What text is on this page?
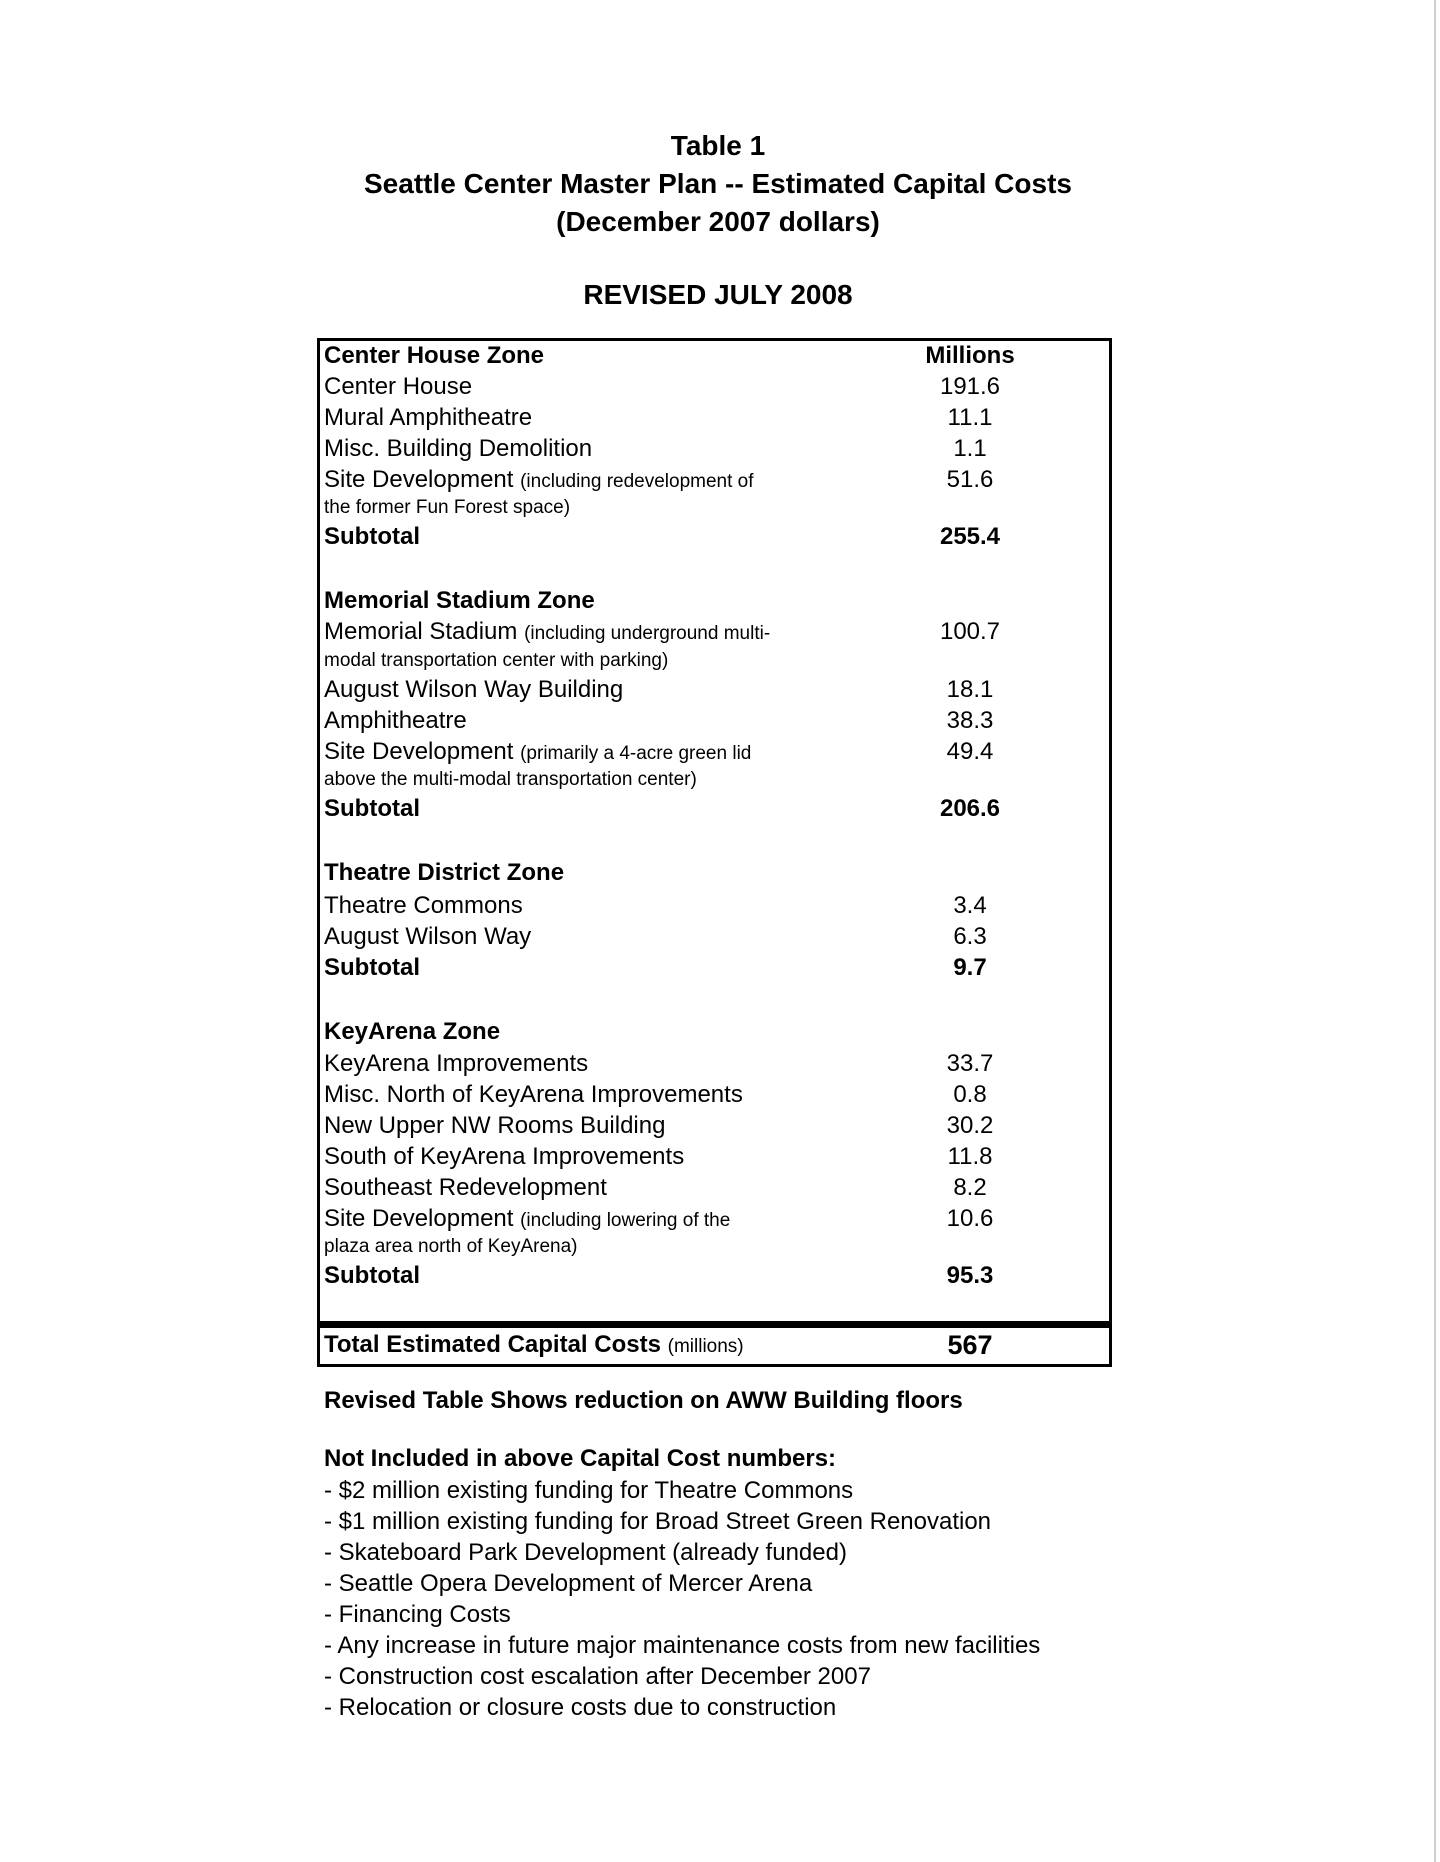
Table 1
Seattle Center Master Plan -- Estimated Capital Costs
(December 2007 dollars)
REVISED JULY 2008
Center House Zone	Millions
Center House	191.6
Mural Amphitheatre	11.1
Misc. Building Demolition	1.1
Site Development (including redevelopment of	51.6
the former Fun Forest space)
Subtotal	255.4
Memorial Stadium Zone
Memorial Stadium (including underground multi-	100.7
modal transportation center with parking)
August Wilson Way Building	18.1
Amphitheatre	38.3
Site Development (primarily a 4-acre green lid	49.4
above the multi-modal transportation center)
Subtotal	206.6
Theatre District Zone
Theatre Commons	3.4
August Wilson Way	6.3
Subtotal	9.7
KeyArena Zone
KeyArena Improvements	33.7
Misc. North of KeyArena Improvements	0.8
New Upper NW Rooms Building	30.2
South of KeyArena Improvements	11.8
Southeast Redevelopment	8.2
Site Development (including lowering of the	10.6
plaza area north of KeyArena)
Subtotal	95.3
Total Estimated Capital Costs (millions)	567
Revised Table Shows reduction on AWW Building floors
Not Included in above Capital Cost numbers:
- $2 million existing funding for Theatre Commons
- $1 million existing funding for Broad Street Green Renovation
- Skateboard Park Development (already funded)
- Seattle Opera Development of Mercer Arena
- Financing Costs
- Any increase in future major maintenance costs from new facilities
- Construction cost escalation after December 2007
- Relocation or closure costs due to construction
